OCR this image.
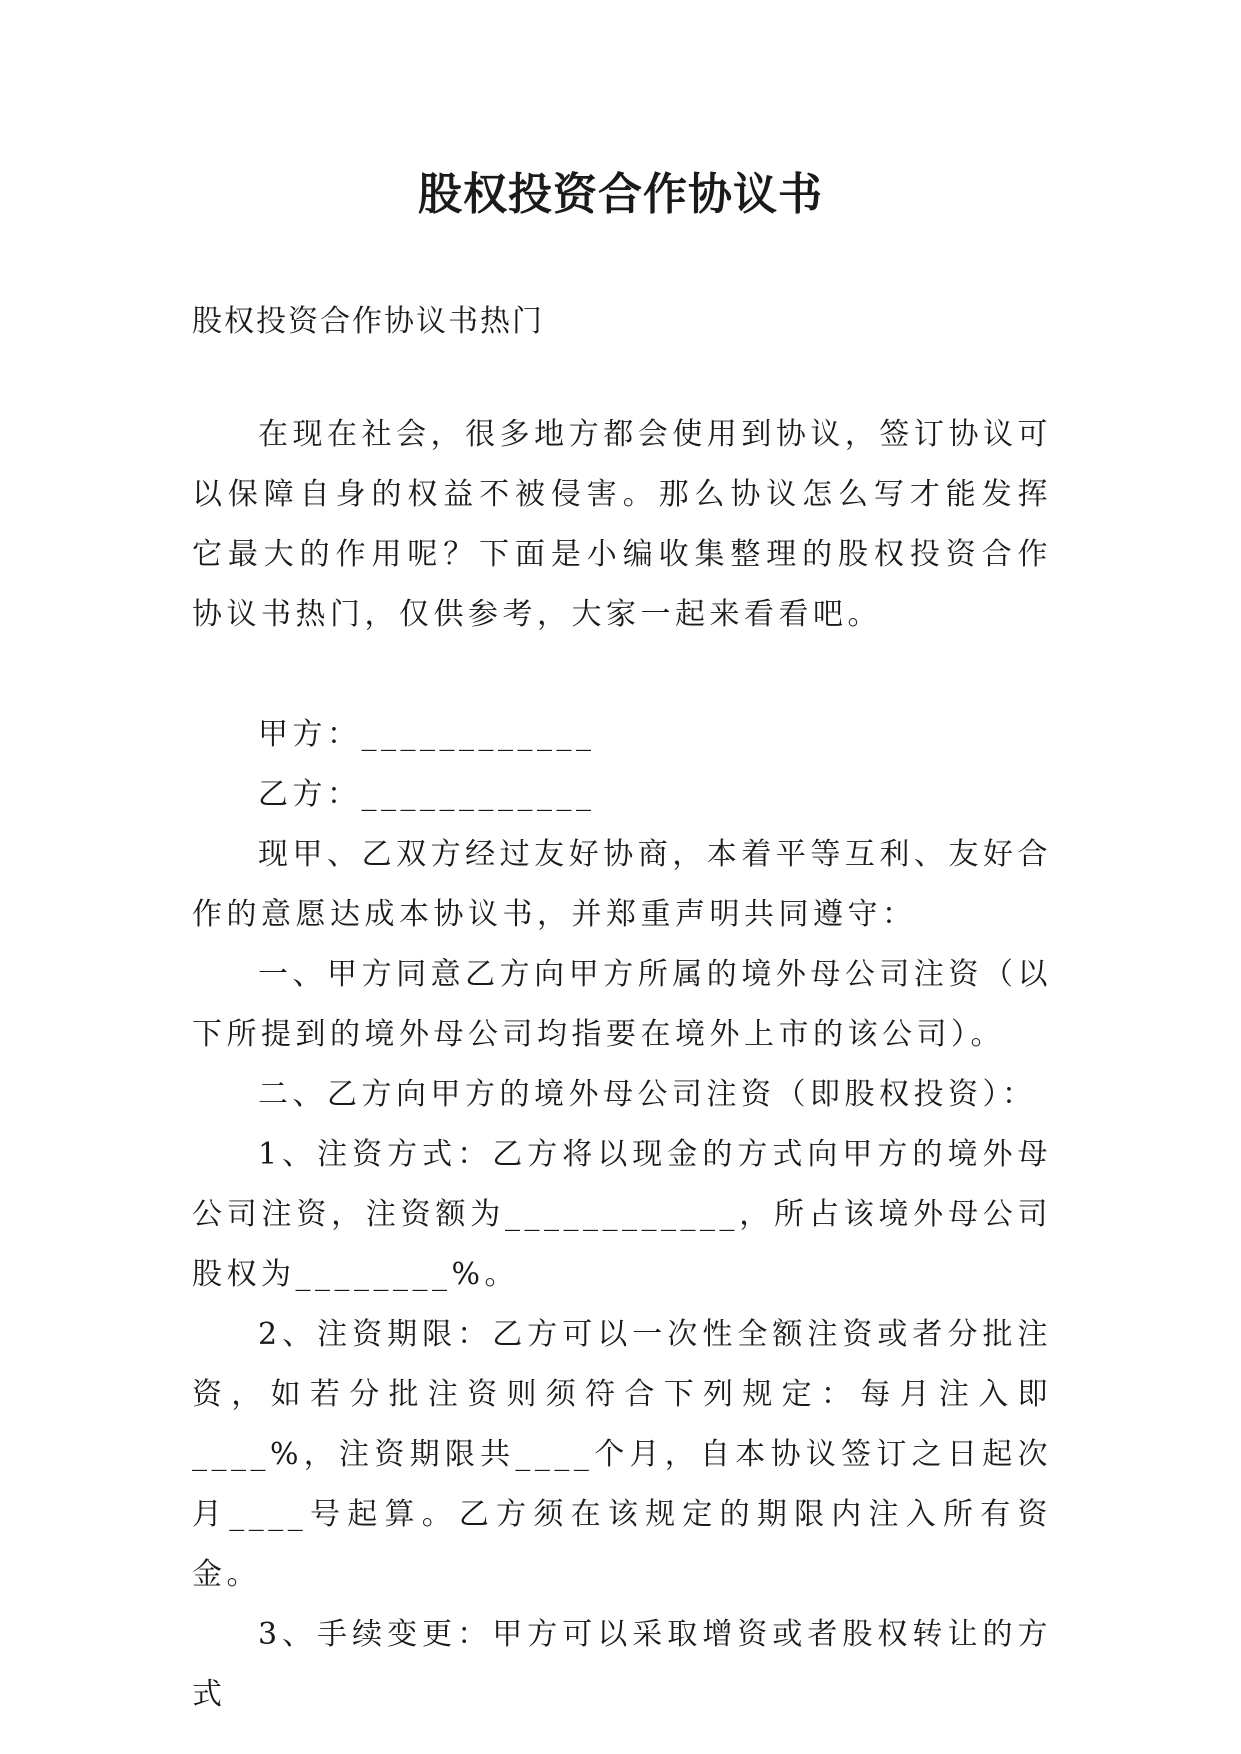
股权投资合作协议书
股权投资合作协议书热门

在现在社会，很多地方都会使用到协议，签订协议可以保障自身的权益不被侵害。那么协议怎么写才能发挥它最大的作用呢？下面是小编收集整理的股权投资合作协议书热门，仅供参考，大家一起来看看吧。

甲方：____________

乙方：____________

现甲、乙双方经过友好协商，本着平等互利、友好合作的意愿达成本协议书，并郑重声明共同遵守：

一、甲方同意乙方向甲方所属的境外母公司注资（以下所提到的境外母公司均指要在境外上市的该公司）。

二、乙方向甲方的境外母公司注资（即股权投资）：

1、注资方式：乙方将以现金的方式向甲方的境外母公司注资，注资额为____________，所占该境外母公司股权为________%。

2、注资期限：乙方可以一次性全额注资或者分批注资，如若分批注资则须符合下列规定：每月注入即____%，注资期限共____个月，自本协议签订之日起次月____号起算。乙方须在该规定的期限内注入所有资金。

3、手续变更：甲方可以采取增资或者股权转让的方式
